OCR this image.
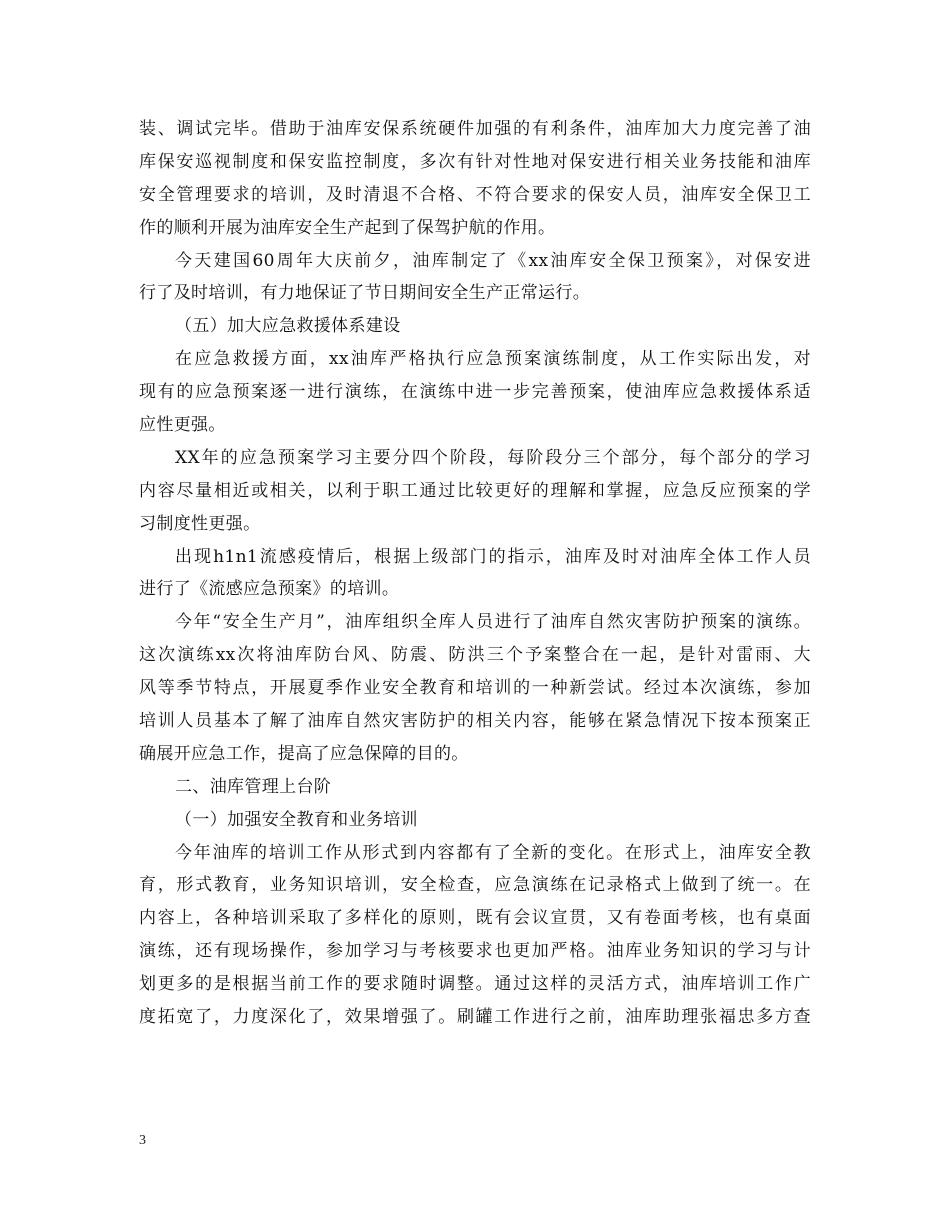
装、调试完毕。借助于油库安保系统硬件加强的有利条件，油库加大力度完善了油
库保安巡视制度和保安监控制度，多次有针对性地对保安进行相关业务技能和油库
安全管理要求的培训，及时清退不合格、不符合要求的保安人员，油库安全保卫工
作的顺利开展为油库安全生产起到了保驾护航的作用。
今天建国60周年大庆前夕，油库制定了《xx油库安全保卫预案》，对保安进
行了及时培训，有力地保证了节日期间安全生产正常运行。
（五）加大应急救援体系建设
在应急救援方面，xx油库严格执行应急预案演练制度，从工作实际出发，对
现有的应急预案逐一进行演练，在演练中进一步完善预案，使油库应急救援体系适
应性更强。
XX年的应急预案学习主要分四个阶段，每阶段分三个部分，每个部分的学习
内容尽量相近或相关，以利于职工通过比较更好的理解和掌握，应急反应预案的学
习制度性更强。
出现h1n1流感疫情后，根据上级部门的指示，油库及时对油库全体工作人员
进行了《流感应急预案》的培训。
今年“安全生产月”，油库组织全库人员进行了油库自然灾害防护预案的演练。
这次演练xx次将油库防台风、防震、防洪三个予案整合在一起，是针对雷雨、大
风等季节特点，开展夏季作业安全教育和培训的一种新尝试。经过本次演练，参加
培训人员基本了解了油库自然灾害防护的相关内容，能够在紧急情况下按本预案正
确展开应急工作，提高了应急保障的目的。
二、油库管理上台阶
（一）加强安全教育和业务培训
今年油库的培训工作从形式到内容都有了全新的变化。在形式上，油库安全教
育，形式教育，业务知识培训，安全检查，应急演练在记录格式上做到了统一。在
内容上，各种培训采取了多样化的原则，既有会议宣贯，又有卷面考核，也有桌面
演练，还有现场操作，参加学习与考核要求也更加严格。油库业务知识的学习与计
划更多的是根据当前工作的要求随时调整。通过这样的灵活方式，油库培训工作广
度拓宽了，力度深化了，效果增强了。刷罐工作进行之前，油库助理张福忠多方查
3
